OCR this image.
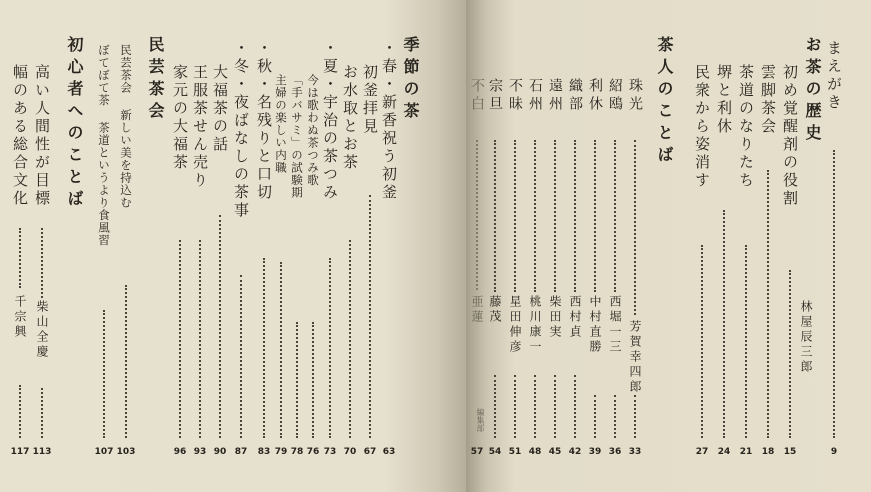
初心者へのことば
高い人間性が目標
柴山全慶
113
幅のある総合文化
千宗興
117
民芸茶会
民芸茶会 新しい美を持込む
103
ぼてぼて茶 茶道というより食風習
107
季節の茶
・春・新香祝う初釜
63
初釜拝見
67
お水取とお茶
70
・夏・宇治の茶つみ
73
今は歌わぬ茶つみ歌
76
「手バサミ」の試験期
78
主婦の楽しい内職
79
・秋・名残りと口切
83
・冬・夜ばなしの茶事
87
大福茶の話
90
王服茶せん売り
93
家元の大福茶
96
まえがき
9
お茶の歴史
初め覚醒剤の役割
15
林屋辰三郎
雲脚茶会
18
茶道のなりたち
21
堺と利休
24
民衆から姿消す
27
茶人のことば
珠光
芳賀幸四郎
33
紹鴎
西堀一三
36
利休
中村直勝
39
織部
西村貞
42
遠州
柴田実
45
石州
桃川康一
48
不昧
星田伸彦
51
宗旦
藤茂
54
不白
亜蓮
編集部
57
